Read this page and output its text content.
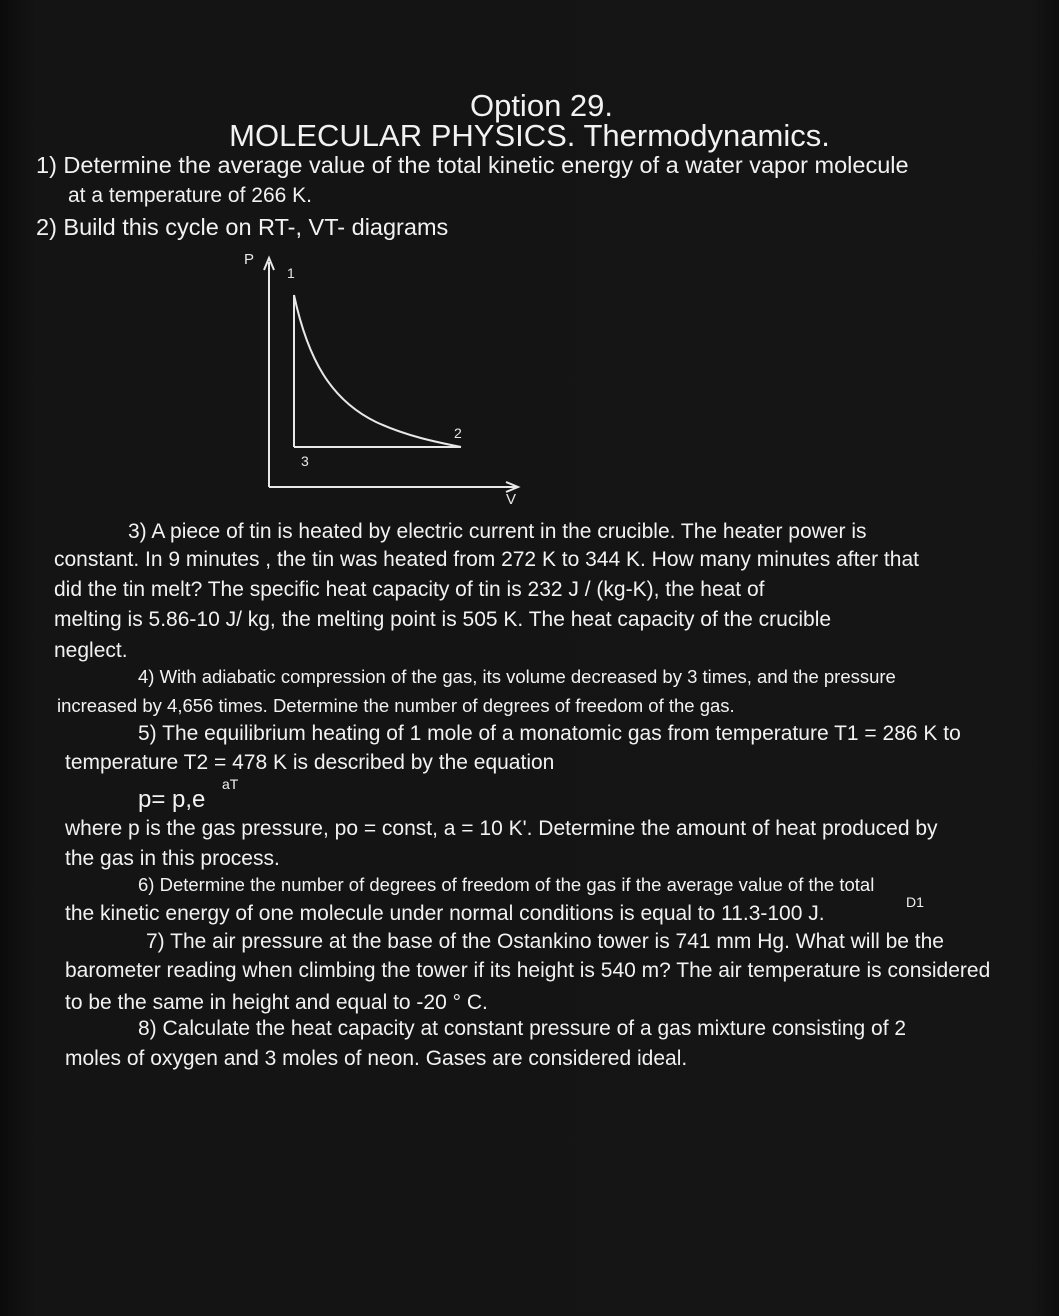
Option 29.
MOLECULAR PHYSICS. Thermodynamics.
1) Determine the average value of the total kinetic energy of a water vapor molecule
at a temperature of 266 K.
2) Build this cycle on RT-, VT- diagrams
P
V
1
2
3
3) A piece of tin is heated by electric current in the crucible. The heater power is
constant. In 9 minutes , the tin was heated from 272 K to 344 K. How many minutes after that
did the tin melt? The specific heat capacity of tin is 232 J / (kg-K), the heat of
melting is 5.86-10 J/ kg, the melting point is 505 K. The heat capacity of the crucible
neglect.
4) With adiabatic compression of the gas, its volume decreased by 3 times, and the pressure
increased by 4,656 times. Determine the number of degrees of freedom of the gas.
5) The equilibrium heating of 1 mole of a monatomic gas from temperature T1 = 286 K to
temperature T2 = 478 K is described by the equation
p= p,e
aT
where p is the gas pressure, po = const, a = 10 K'. Determine the amount of heat produced by
the gas in this process.
6) Determine the number of degrees of freedom of the gas if the average value of the total
the kinetic energy of one molecule under normal conditions is equal to 11.3-100 J.	D1
7) The air pressure at the base of the Ostankino tower is 741 mm Hg. What will be the
barometer reading when climbing the tower if its height is 540 m? The air temperature is considered
to be the same in height and equal to -20 ° C.
8) Calculate the heat capacity at constant pressure of a gas mixture consisting of 2
moles of oxygen and 3 moles of neon. Gases are considered ideal.
